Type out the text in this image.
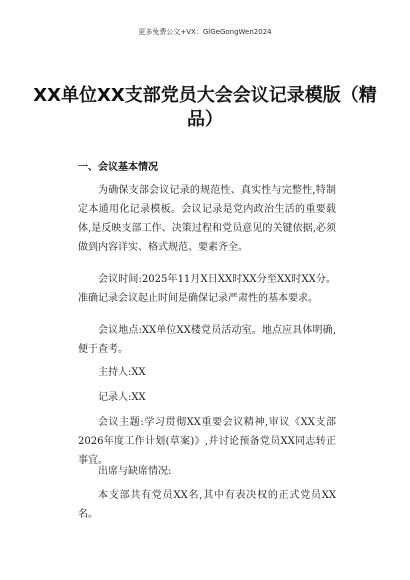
更多免费公文+VX：GlGeGongWen2024
XX单位XX支部党员大会会议记录模版（精品）
一、会议基本情况

为确保支部会议记录的规范性、真实性与完整性,特制定本通用化记录模板。会议记录是党内政治生活的重要载体,是反映支部工作、决策过程和党员意见的关键依据,必须做到内容详实、格式规范、要素齐全。

会议时间:2025年11月X日XX时XX分至XX时XX分。准确记录会议起止时间是确保记录严肃性的基本要求。

会议地点:XX单位XX楼党员活动室。地点应具体明确,便于查考。

主持人:XX

记录人:XX

会议主题:学习贯彻XX重要会议精神,审议《XX支部2026年度工作计划(草案)》,并讨论预备党员XX同志转正事宜。

出席与缺席情况:

本支部共有党员XX名,其中有表决权的正式党员XX名。
